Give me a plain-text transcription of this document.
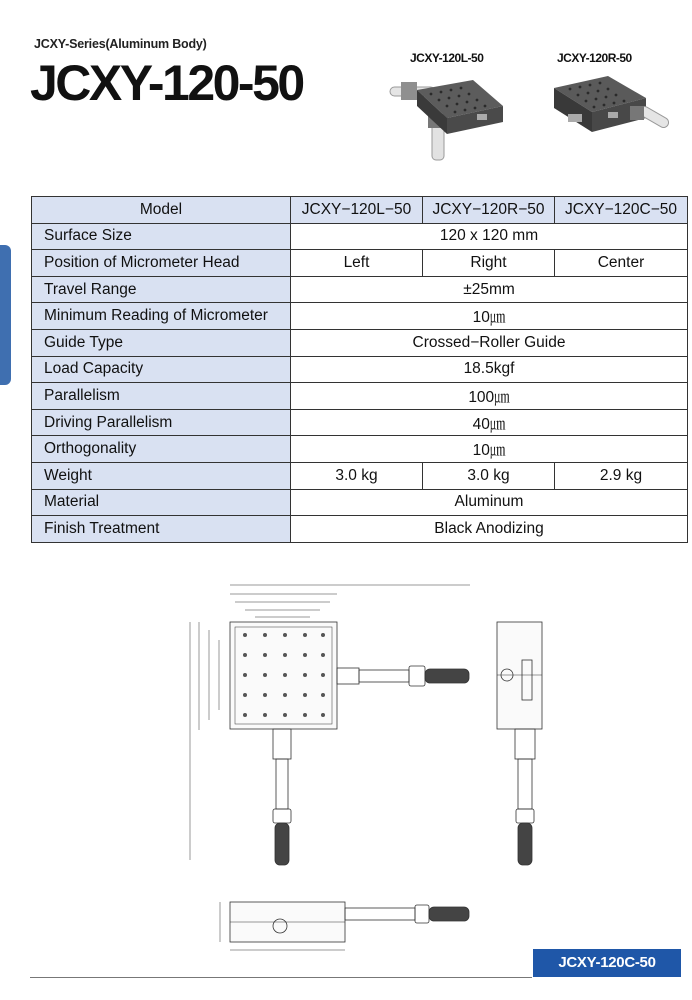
JCXY-Series(Aluminum Body)
JCXY-120-50	JCXY-120L-50	JCXY-120R-50
Model	JCXY−120L−50	JCXY−120R−50	JCXY−120C−50
Surface Size	120 x 120 mm		
Position of Micrometer Head	Left	Right	Center
Travel Range	±25mm		
Minimum Reading of Micrometer	10㎛		
Guide Type	Crossed−Roller Guide		
Load Capacity	18.5kgf		
Parallelism	100㎛		
Driving Parallelism	40㎛		
Orthogonality	10㎛		
Weight	3.0 kg	3.0 kg	2.9 kg
Material	Aluminum		
Finish Treatment	Black Anodizing		
JCXY-120C-50
